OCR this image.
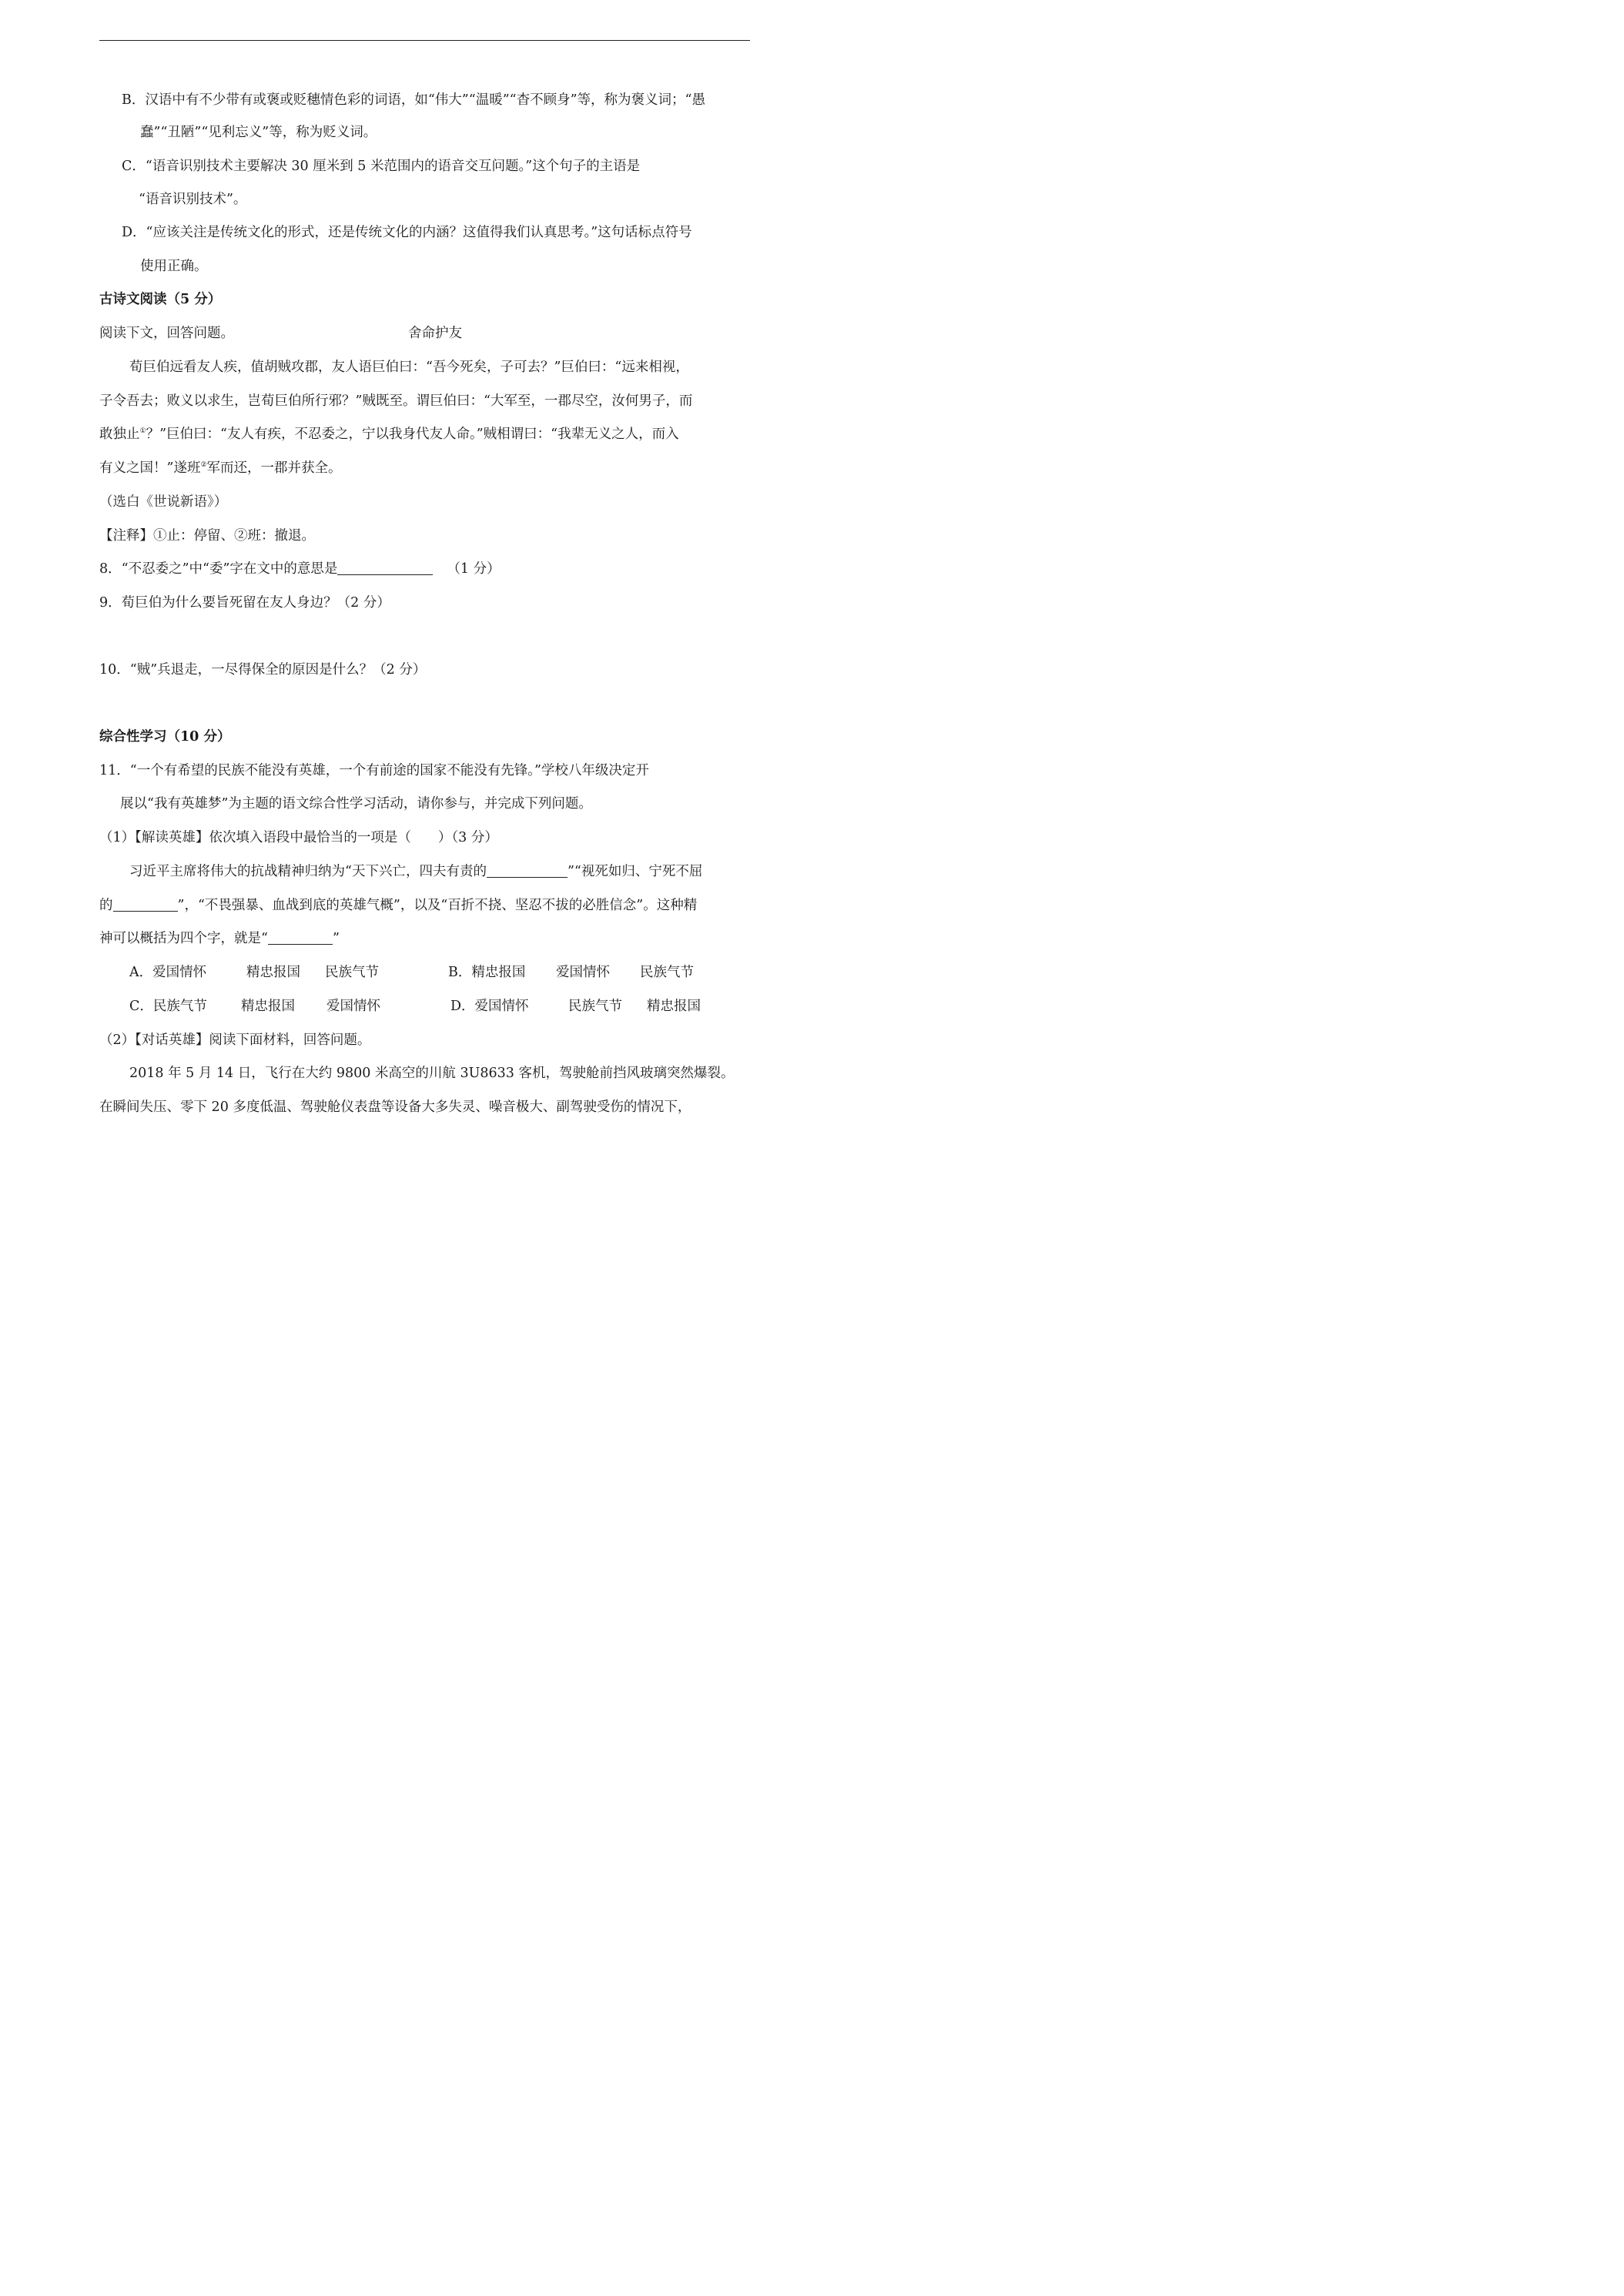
B．汉语中有不少带有或褒或贬穗情色彩的词语，如“伟大”“温暖”“杳不顾身”等，称为褒义词；“愚
蠢”“丑陋”“见利忘义”等，称为贬义词。
C．“语音识别技术主要解决 30 厘米到 5 米范围内的语音交互问题。”这个句子的主语是
“语音识别技术”。
D．“应该关注是传统文化的形式，还是传统文化的内涵？这值得我们认真思考。”这句话标点符号
使用正确。
古诗文阅读（5 分）
阅读下文，回答问题。	舍命护友
荀巨伯远看友人疾，值胡贼攻郡，友人语巨伯曰：“吾今死矣，子可去？”巨伯曰：“远来相视，
子令吾去；败义以求生，岂荀巨伯所行邪？”贼既至。谓巨伯曰：“大军至，一郡尽空，汝何男子，而
敢独止①？”巨伯曰：“友人有疾，不忍委之，宁以我身代友人命。”贼相谓曰：“我辈无义之人，而入
有义之国！”遂班②军而还，一郡并获全。
（选白《世说新语》）
【注释】①止：停留、②班：撤退。
8．“不忍委之”中“委”字在文中的意思是	（1 分）
9．荀巨伯为什么要旨死留在友人身边？（2 分）
10．“贼”兵退走，一尽得保全的原因是什么？（2 分）
综合性学习（10 分）
11．“一个有希望的民族不能没有英雄，一个有前途的国家不能没有先锋。”学校八年级决定开
展以“我有英雄梦”为主题的语文综合性学习活动，请你参与，并完成下列问题。
（1）【解读英雄】依次填入语段中最恰当的一项是（　　）（3 分）
习近平主席将伟大的抗战精神归纳为“天下兴亡，四夫有责的	”“视死如归、宁死不屈
的	”，“不畏强暴、血战到底的英雄气概”，以及“百折不挠、坚忍不拔的必胜信念”。这种精
神可以概括为四个字，就是“	”
A．爱国情怀	精忠报国 民族气节	B．精忠报国 爱国情怀 民族气节
C．民族气节	精忠报国 爱国情怀	D．爱国情怀	民族气节 精忠报国
（2）【对话英雄】阅读下面材料，回答问题。
2018 年 5 月 14 日，飞行在大约 9800 米高空的川航 3U8633 客机，驾驶舱前挡风玻璃突然爆裂。
在瞬间失压、零下 20 多度低温、驾驶舱仪表盘等设备大多失灵、噪音极大、副驾驶受伤的情况下，
